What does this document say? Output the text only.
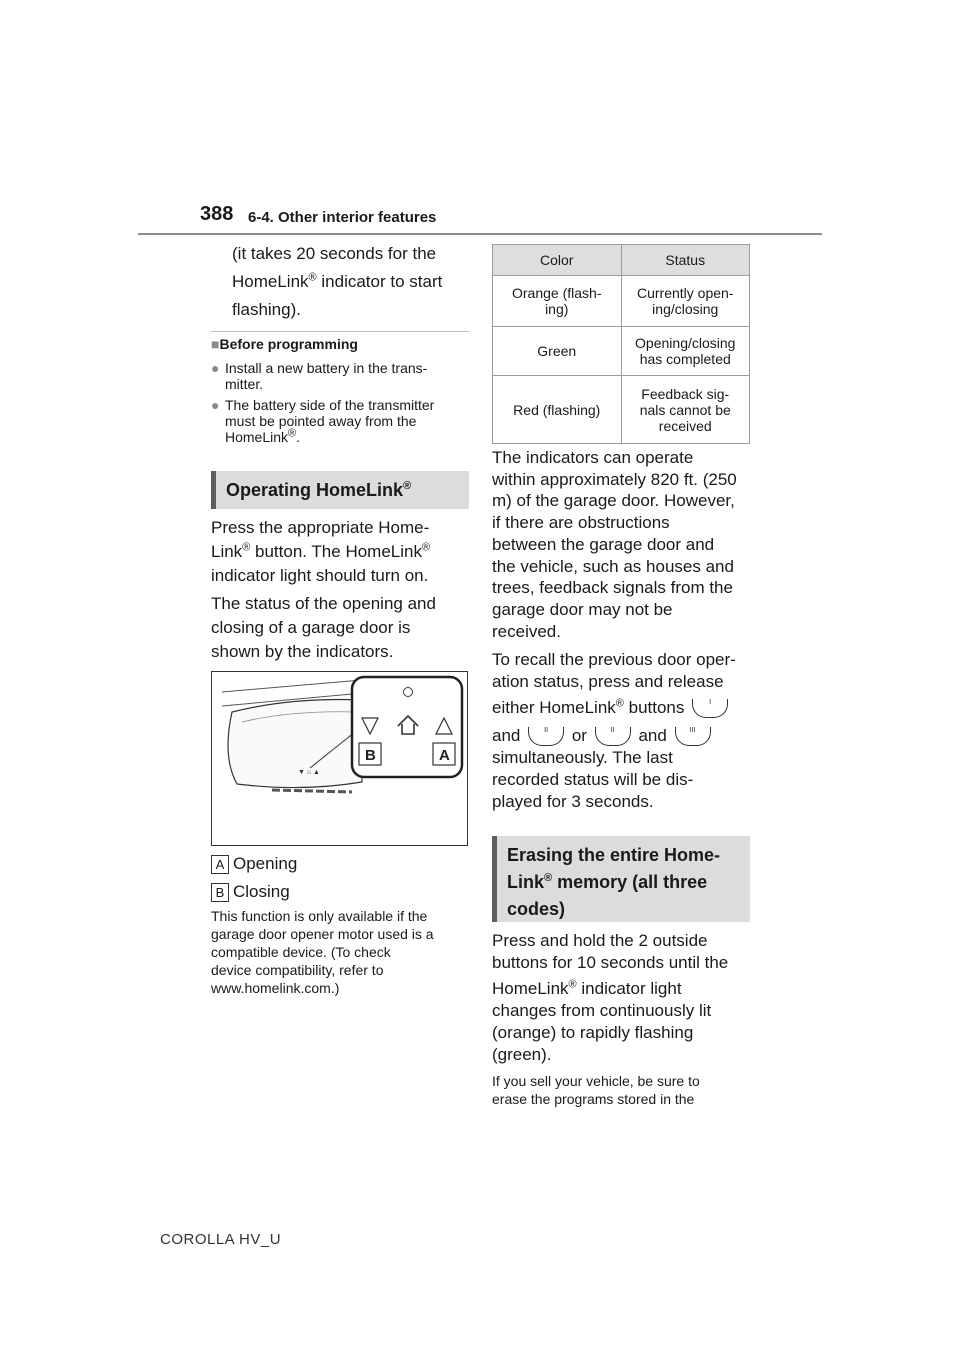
388 6-4. Other interior features

(it takes 20 seconds for the

HomeLink® indicator to start

flashing).

■Before programming
● Install a new battery in the trans-
mitter.
● The battery side of the transmitter
must be pointed away from the
HomeLink®.
Operating HomeLink®

Press the appropriate Home-

Link® button. The HomeLink®

indicator light should turn on.

The status of the opening and

closing of a garage door is

shown by the indicators.

▼ ⌂ ▲
B	A
A Opening
B Closing
This function is only available if the
garage door opener motor used is a
compatible device. (To check
device compatibility, refer to
www.homelink.com.)
Color	Status
Orange (flash-
ing)	Currently open-
ing/closing
Green	Opening/closing
has completed
Red (flashing)	Feedback sig-
nals cannot be
received

The indicators can operate

within approximately 820 ft. (250

m) of the garage door. However,

if there are obstructions

between the garage door and

the vehicle, such as houses and

trees, feedback signals from the

garage door may not be

received.

To recall the previous door oper-

ation status, press and release

either HomeLink® buttons	I

and	II or	II and	III

simultaneously. The last

recorded status will be dis-

played for 3 seconds.

Erasing the entire Home-
Link® memory (all three
codes)

Press and hold the 2 outside

buttons for 10 seconds until the

HomeLink® indicator light

changes from continuously lit

(orange) to rapidly flashing

(green).

If you sell your vehicle, be sure to
erase the programs stored in the
COROLLA HV_U
